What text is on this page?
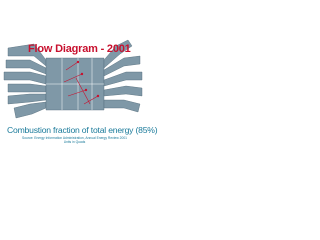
Flow Diagram - 2001
Combustion fraction of total energy (85%)
Source: Energy Information Administration, Annual Energy Review 2001
Units in Quads
